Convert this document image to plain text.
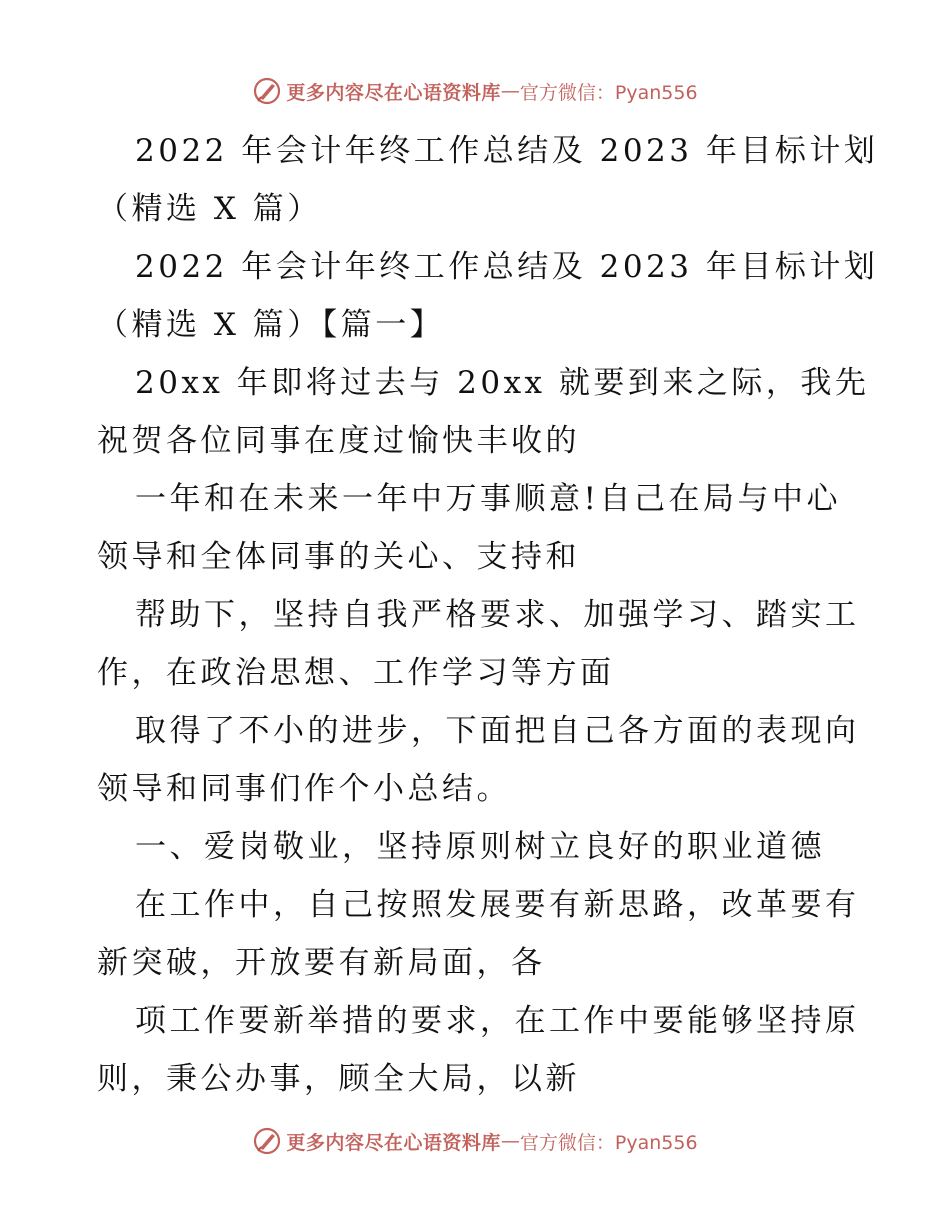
更多内容尽在心语资料库 — 官方微信：Pyan556
2022 年会计年终工作总结及 2023 年目标计划
（精选 X 篇）
2022 年会计年终工作总结及 2023 年目标计划
（精选 X 篇）【篇一】
20xx 年即将过去与 20xx 就要到来之际，我先
祝贺各位同事在度过愉快丰收的
一年和在未来一年中万事顺意!自己在局与中心
领导和全体同事的关心、支持和
帮助下，坚持自我严格要求、加强学习、踏实工
作，在政治思想、工作学习等方面
取得了不小的进步，下面把自己各方面的表现向
领导和同事们作个小总结。
一、爱岗敬业，坚持原则树立良好的职业道德
在工作中，自己按照发展要有新思路，改革要有
新突破，开放要有新局面，各
项工作要新举措的要求，在工作中要能够坚持原
则，秉公办事，顾全大局，以新
更多内容尽在心语资料库 — 官方微信：Pyan556
